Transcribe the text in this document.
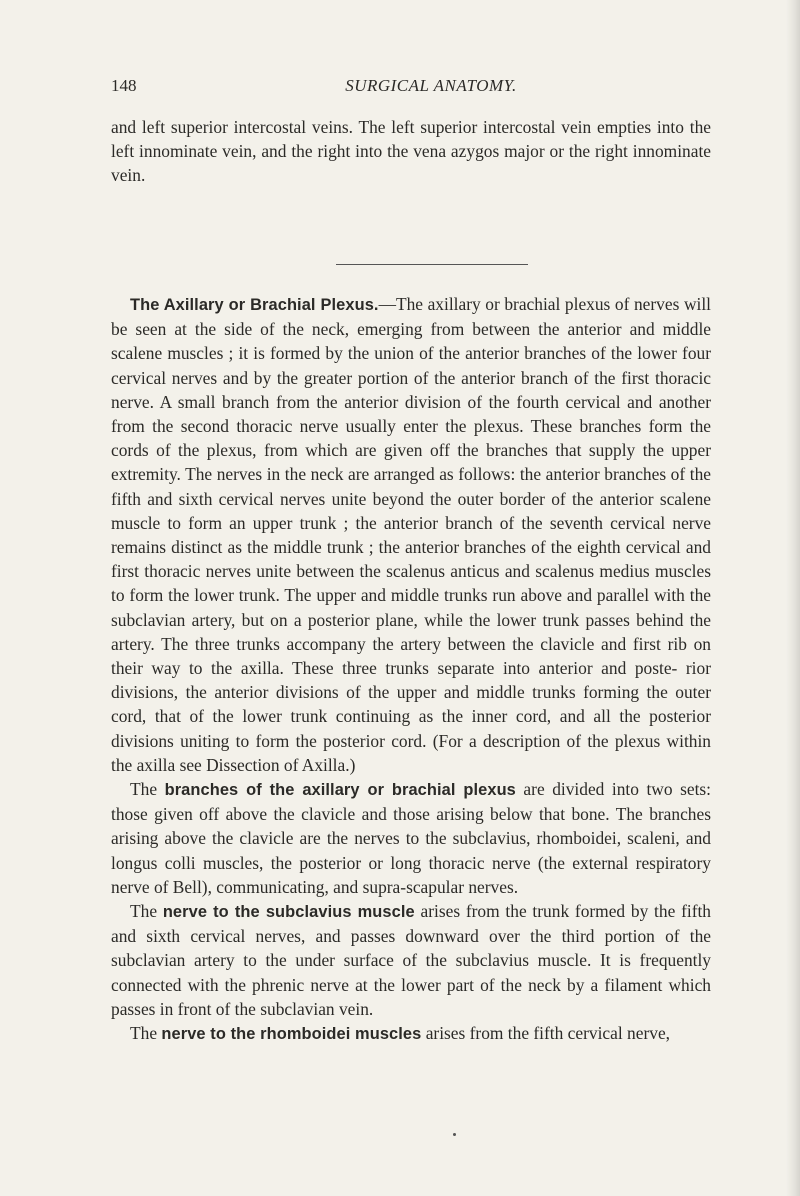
148	SURGICAL ANATOMY.

and left superior intercostal veins. The left superior intercostal vein empties into the left innominate vein, and the right into the vena azygos major or the right innominate vein.

The Axillary or Brachial Plexus.—The axillary or brachial plexus of nerves will be seen at the side of the neck, emerging from between the anterior and middle scalene muscles ; it is formed by the union of the anterior branches of the lower four cervical nerves and by the greater portion of the anterior branch of the first thoracic nerve. A small branch from the anterior division of the fourth cervical and another from the second thoracic nerve usually enter the plexus. These branches form the cords of the plexus, from which are given off the branches that supply the upper extremity. The nerves in the neck are arranged as follows: the anterior branches of the fifth and sixth cervical nerves unite beyond the outer border of the anterior scalene muscle to form an upper trunk ; the anterior branch of the seventh cervical nerve remains distinct as the middle trunk ; the anterior branches of the eighth cervical and first thoracic nerves unite between the scalenus anticus and scalenus medius muscles to form the lower trunk. The upper and middle trunks run above and parallel with the subclavian artery, but on a posterior plane, while the lower trunk passes behind the artery. The three trunks accompany the artery between the clavicle and first rib on their way to the axilla. These three trunks separate into anterior and poste- rior divisions, the anterior divisions of the upper and middle trunks forming the outer cord, that of the lower trunk continuing as the inner cord, and all the posterior divisions uniting to form the posterior cord. (For a description of the plexus within the axilla see Dissection of Axilla.)

The branches of the axillary or brachial plexus are divided into two sets: those given off above the clavicle and those arising below that bone. The branches arising above the clavicle are the nerves to the subclavius, rhomboidei, scaleni, and longus colli muscles, the posterior or long thoracic nerve (the external respiratory nerve of Bell), communicating, and supra-scapular nerves.

The nerve to the subclavius muscle arises from the trunk formed by the fifth and sixth cervical nerves, and passes downward over the third portion of the subclavian artery to the under surface of the subclavius muscle. It is frequently connected with the phrenic nerve at the lower part of the neck by a filament which passes in front of the subclavian vein.

The nerve to the rhomboidei muscles arises from the fifth cervical nerve,
